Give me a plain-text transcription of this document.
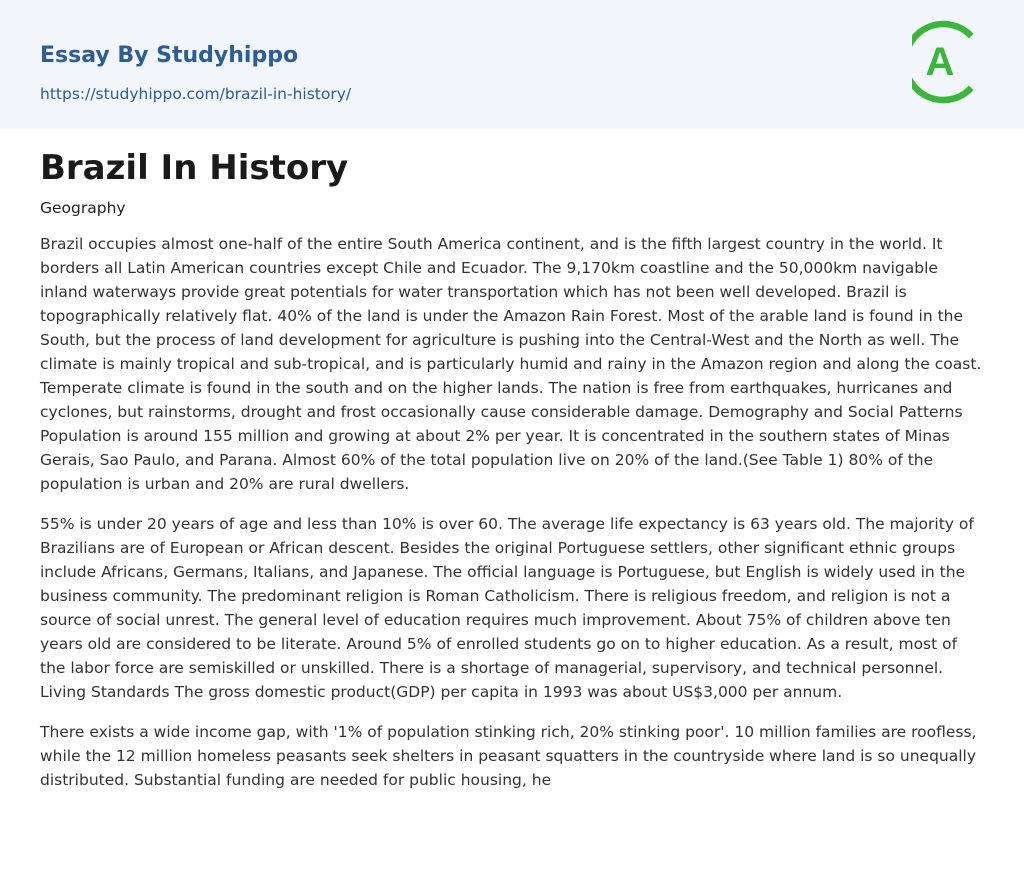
Essay By Studyhippo
https://studyhippo.com/brazil-in-history/
A
Brazil In History
Geography

Brazil occupies almost one-half of the entire South America continent, and is the fifth largest country in the world. It borders all Latin American countries except Chile and Ecuador. The 9,170km coastline and the 50,000km navigable inland waterways provide great potentials for water transportation which has not been well developed. Brazil is topographically relatively flat. 40% of the land is under the Amazon Rain Forest. Most of the arable land is found in the South, but the process of land development for agriculture is pushing into the Central-West and the North as well. The climate is mainly tropical and sub-tropical, and is particularly humid and rainy in the Amazon region and along the coast. Temperate climate is found in the south and on the higher lands. The nation is free from earthquakes, hurricanes and cyclones, but rainstorms, drought and frost occasionally cause considerable damage. Demography and Social Patterns Population is around 155 million and growing at about 2% per year. It is concentrated in the southern states of Minas Gerais, Sao Paulo, and Parana. Almost 60% of the total population live on 20% of the land.(See Table 1) 80% of the population is urban and 20% are rural dwellers.

55% is under 20 years of age and less than 10% is over 60. The average life expectancy is 63 years old. The majority of Brazilians are of European or African descent. Besides the original Portuguese settlers, other significant ethnic groups include Africans, Germans, Italians, and Japanese. The official language is Portuguese, but English is widely used in the business community. The predominant religion is Roman Catholicism. There is religious freedom, and religion is not a source of social unrest. The general level of education requires much improvement. About 75% of children above ten years old are considered to be literate. Around 5% of enrolled students go on to higher education. As a result, most of the labor force are semiskilled or unskilled. There is a shortage of managerial, supervisory, and technical personnel. Living Standards The gross domestic product(GDP) per capita in 1993 was about US$3,000 per annum.

There exists a wide income gap, with '1% of population stinking rich, 20% stinking poor'. 10 million families are roofless, while the 12 million homeless peasants seek shelters in peasant squatters in the countryside where land is so unequally distributed. Substantial funding are needed for public housing, he
